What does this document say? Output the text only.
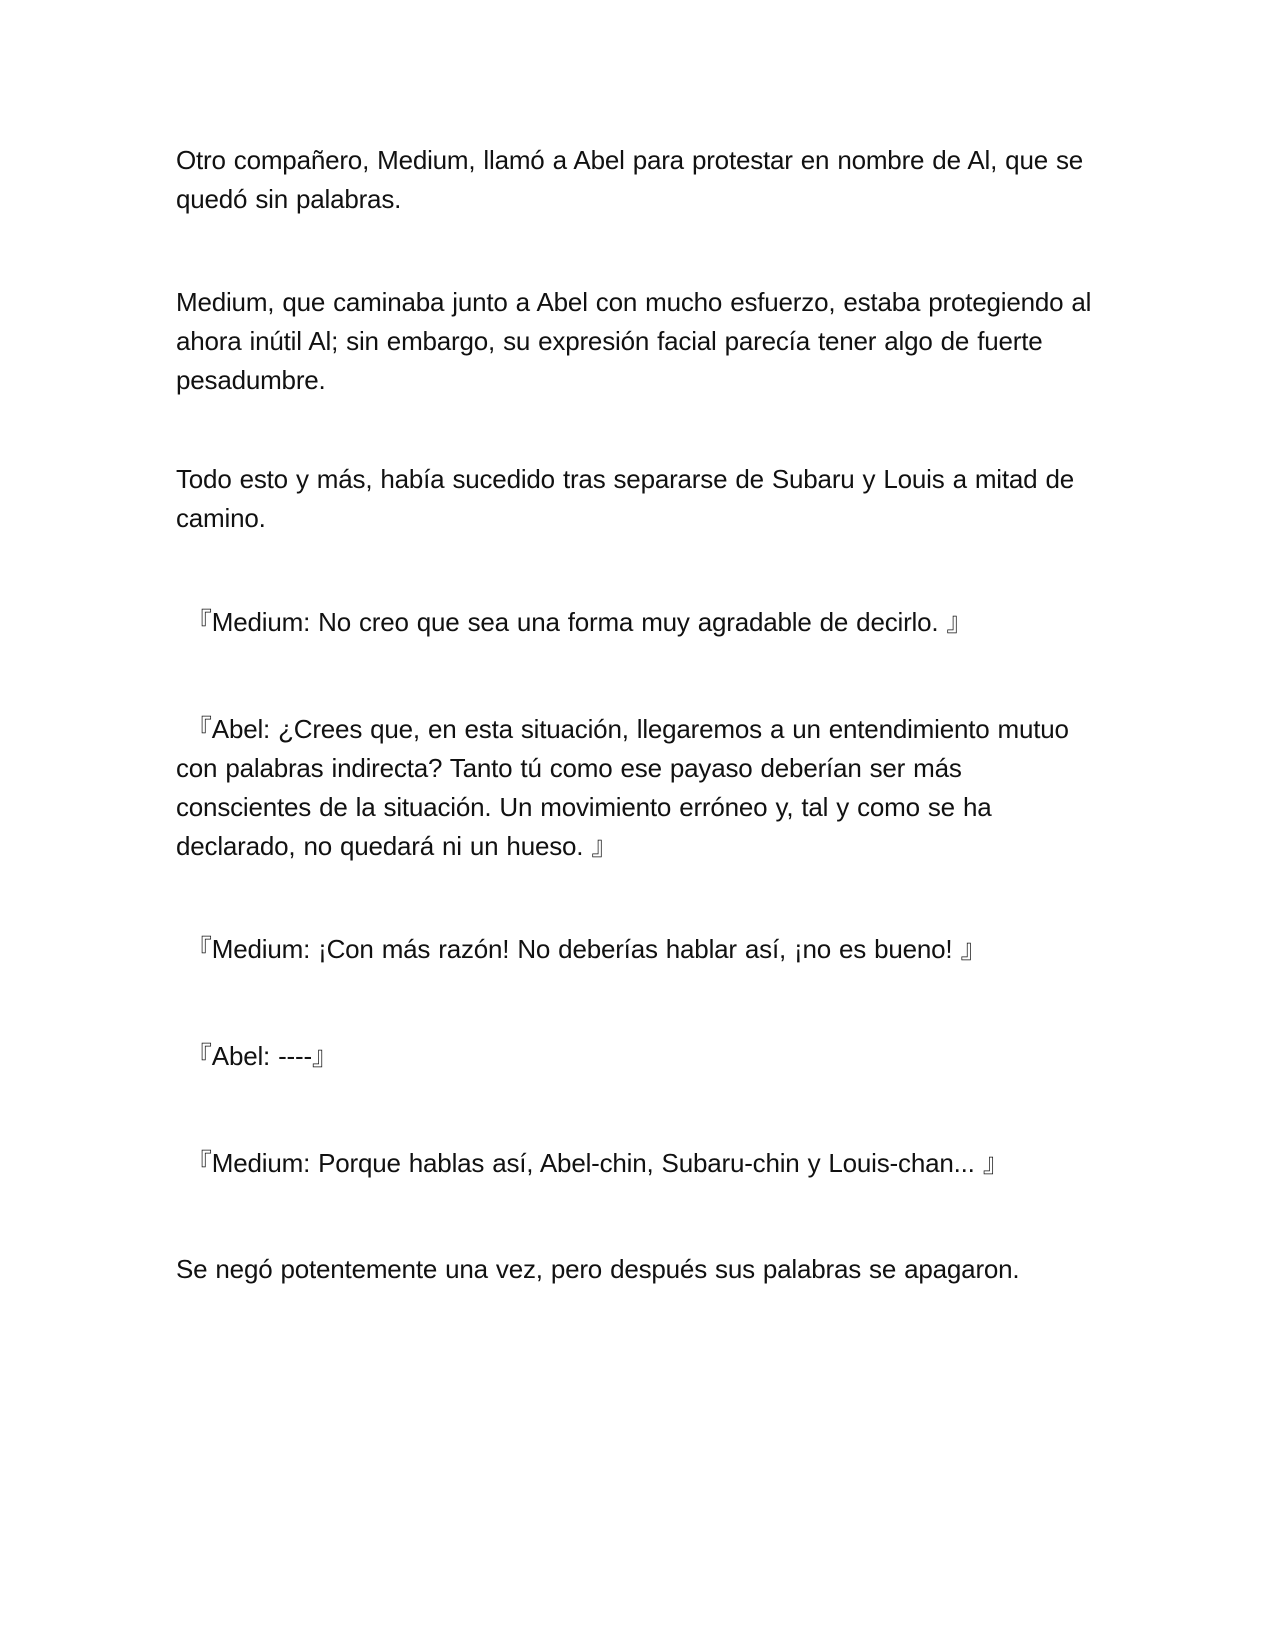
Otro compañero, Medium, llamó a Abel para protestar en nombre de Al, que se quedó sin palabras.

Medium, que caminaba junto a Abel con mucho esfuerzo, estaba protegiendo al ahora inútil Al; sin embargo, su expresión facial parecía tener algo de fuerte pesadumbre.

Todo esto y más, había sucedido tras separarse de Subaru y Louis a mitad de camino.

『Medium: No creo que sea una forma muy agradable de decirlo. 』

『Abel: ¿Crees que, en esta situación, llegaremos a un entendimiento mutuo con palabras indirecta? Tanto tú como ese payaso deberían ser más conscientes de la situación. Un movimiento erróneo y, tal y como se ha declarado, no quedará ni un hueso. 』

『Medium: ¡Con más razón! No deberías hablar así, ¡no es bueno! 』

『Abel: ----』

『Medium: Porque hablas así, Abel-chin, Subaru-chin y Louis-chan... 』

Se negó potentemente una vez, pero después sus palabras se apagaron.
